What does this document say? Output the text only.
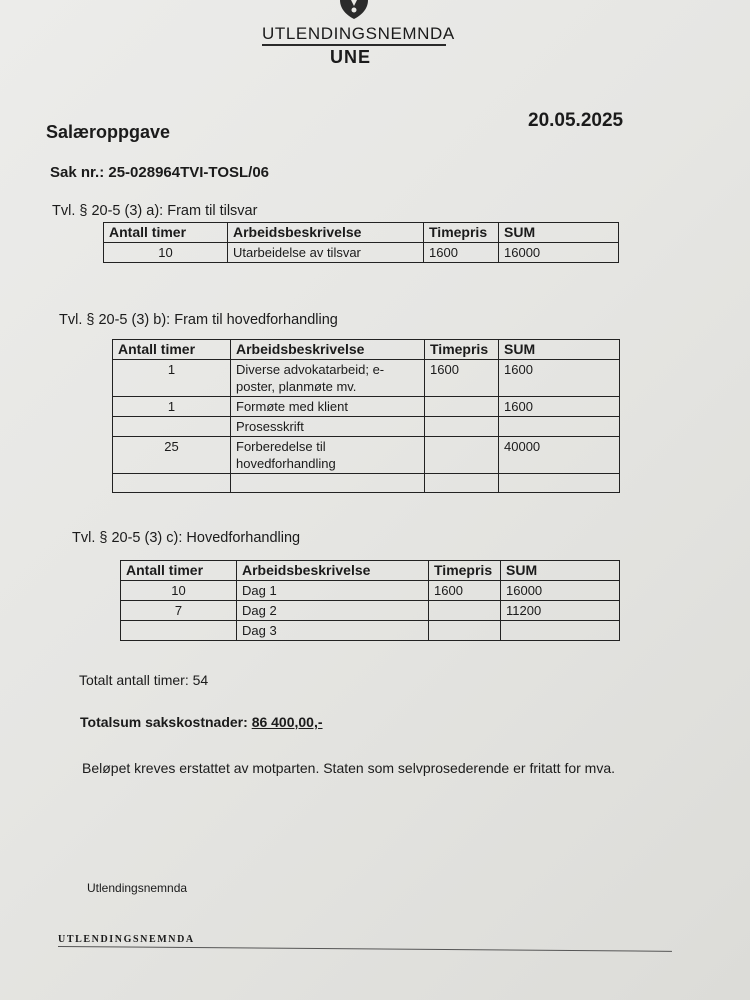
UTLENDINGSNEMNDA
UNE
Salæroppgave
20.05.2025
Sak nr.: 25-028964TVI-TOSL/06
Tvl. § 20-5 (3) a): Fram til tilsvar
Antall timer	Arbeidsbeskrivelse	Timepris	SUM
10	Utarbeidelse av tilsvar	1600	16000
Tvl. § 20-5 (3) b): Fram til hovedforhandling
Antall timer	Arbeidsbeskrivelse	Timepris	SUM
1	Diverse advokatarbeid; e-poster, planmøte mv.	1600	1600
1	Formøte med klient		1600
	Prosesskrift		
25	Forberedelse til hovedforhandling		40000

Tvl. § 20-5 (3) c): Hovedforhandling
Antall timer	Arbeidsbeskrivelse	Timepris	SUM
10	Dag 1	1600	16000
7	Dag 2		11200
	Dag 3		
Totalt antall timer: 54
Totalsum sakskostnader: 86 400,00,-
Beløpet kreves erstattet av motparten. Staten som selvprosederende er fritatt for mva.
Utlendingsnemnda
UTLENDINGSNEMNDA
